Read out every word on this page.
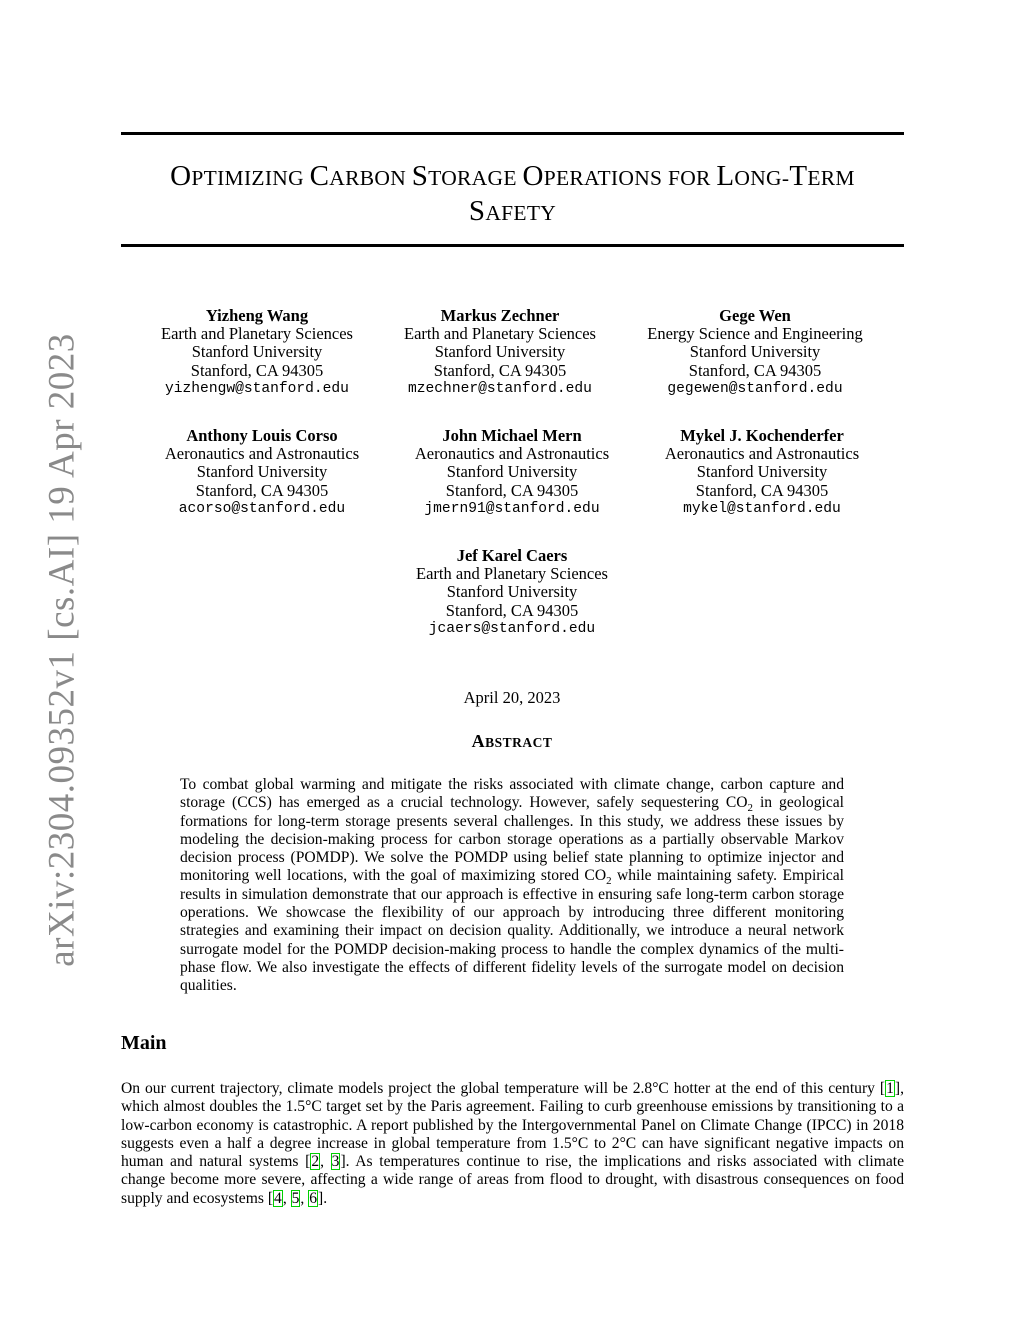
arXiv:2304.09352v1 [cs.AI] 19 Apr 2023
OPTIMIZING CARBON STORAGE OPERATIONS FOR LONG-TERM
SAFETY
Yizheng Wang
Earth and Planetary Sciences
Stanford University
Stanford, CA 94305
yizhengw@stanford.edu
Markus Zechner
Earth and Planetary Sciences
Stanford University
Stanford, CA 94305
mzechner@stanford.edu
Gege Wen
Energy Science and Engineering
Stanford University
Stanford, CA 94305
gegewen@stanford.edu
Anthony Louis Corso
Aeronautics and Astronautics
Stanford University
Stanford, CA 94305
acorso@stanford.edu
John Michael Mern
Aeronautics and Astronautics
Stanford University
Stanford, CA 94305
jmern91@stanford.edu
Mykel J. Kochenderfer
Aeronautics and Astronautics
Stanford University
Stanford, CA 94305
mykel@stanford.edu
Jef Karel Caers
Earth and Planetary Sciences
Stanford University
Stanford, CA 94305
jcaers@stanford.edu
April 20, 2023
ABSTRACT
To combat global warming and mitigate the risks associated with climate change, carbon capture and storage (CCS) has emerged as a crucial technology. However, safely sequestering $CO_2$ in geological formations for long-term storage presents several challenges. In this study, we address these issues by modeling the decision-making process for carbon storage operations as a partially observable Markov decision process (POMDP). We solve the POMDP using belief state planning to optimize injector and monitoring well locations, with the goal of maximizing stored $CO_2$ while maintaining safety. Empirical results in simulation demonstrate that our approach is effective in ensuring safe long-term carbon storage operations. We showcase the flexibility of our approach by introducing three different monitoring strategies and examining their impact on decision quality. Additionally, we introduce a neural network surrogate model for the POMDP decision-making process to handle the complex dynamics of the multi-phase flow. We also investigate the effects of different fidelity levels of the surrogate model on decision qualities.
Main
On our current trajectory, climate models project the global temperature will be 2.8°C hotter at the end of this century [1], which almost doubles the 1.5°C target set by the Paris agreement. Failing to curb greenhouse emissions by transitioning to a low-carbon economy is catastrophic. A report published by the Intergovernmental Panel on Climate Change (IPCC) in 2018 suggests even a half a degree increase in global temperature from 1.5°C to 2°C can have significant negative impacts on human and natural systems [2, 3]. As temperatures continue to rise, the implications and risks associated with climate change become more severe, affecting a wide range of areas from flood to drought, with disastrous consequences on food supply and ecosystems [4, 5, 6].
